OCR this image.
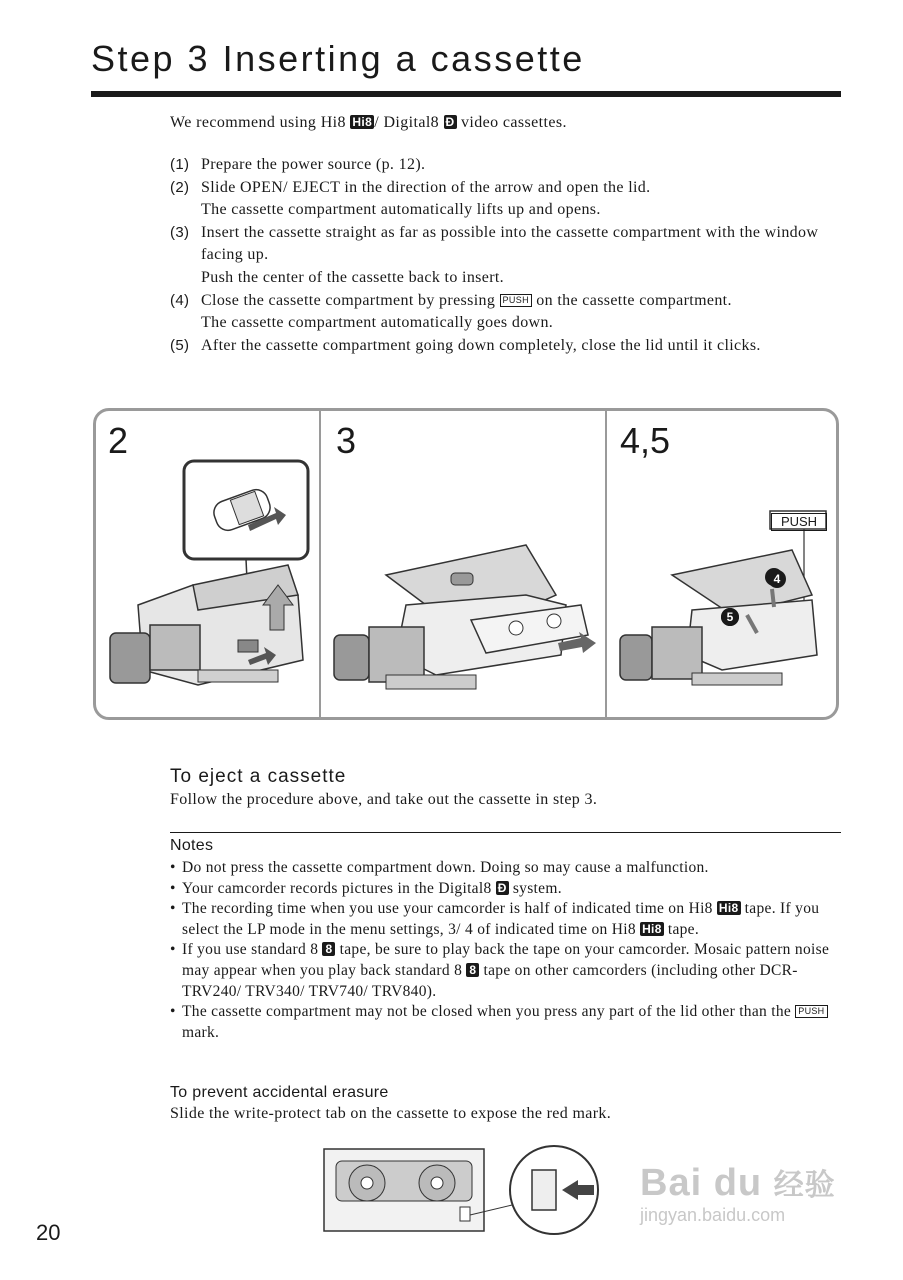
Step 3 Inserting a cassette
We recommend using Hi8 Hi8 / Digital8 Ð video cassettes.
(1) Prepare the power source (p. 12).
(2) Slide OPEN/ EJECT in the direction of the arrow and open the lid.
The cassette compartment automatically lifts up and opens.
(3) Insert the cassette straight as far as possible into the cassette compartment with the window facing up.
Push the center of the cassette back to insert.
(4) Close the cassette compartment by pressing PUSH on the cassette compartment.
The cassette compartment automatically goes down.
(5) After the cassette compartment going down completely, close the lid until it clicks.
2	3	4,5
PUSH
4
5
To eject a cassette
Follow the procedure above, and take out the cassette in step 3.
Notes
• Do not press the cassette compartment down. Doing so may cause a malfunction.
• Your camcorder records pictures in the Digital8 Ð system.
• The recording time when you use your camcorder is half of indicated time on Hi8 Hi8 tape. If you select the LP mode in the menu settings, 3/ 4 of indicated time on Hi8 Hi8 tape.
• If you use standard 8 8 tape, be sure to play back the tape on your camcorder. Mosaic pattern noise may appear when you play back standard 8 8 tape on other camcorders (including other DCR-TRV240/ TRV340/ TRV740/ TRV840).
• The cassette compartment may not be closed when you press any part of the lid other than the PUSH mark.
To prevent accidental erasure
Slide the write-protect tab on the cassette to expose the red mark.
20
Bai du 经验
jingyan.baidu.com
